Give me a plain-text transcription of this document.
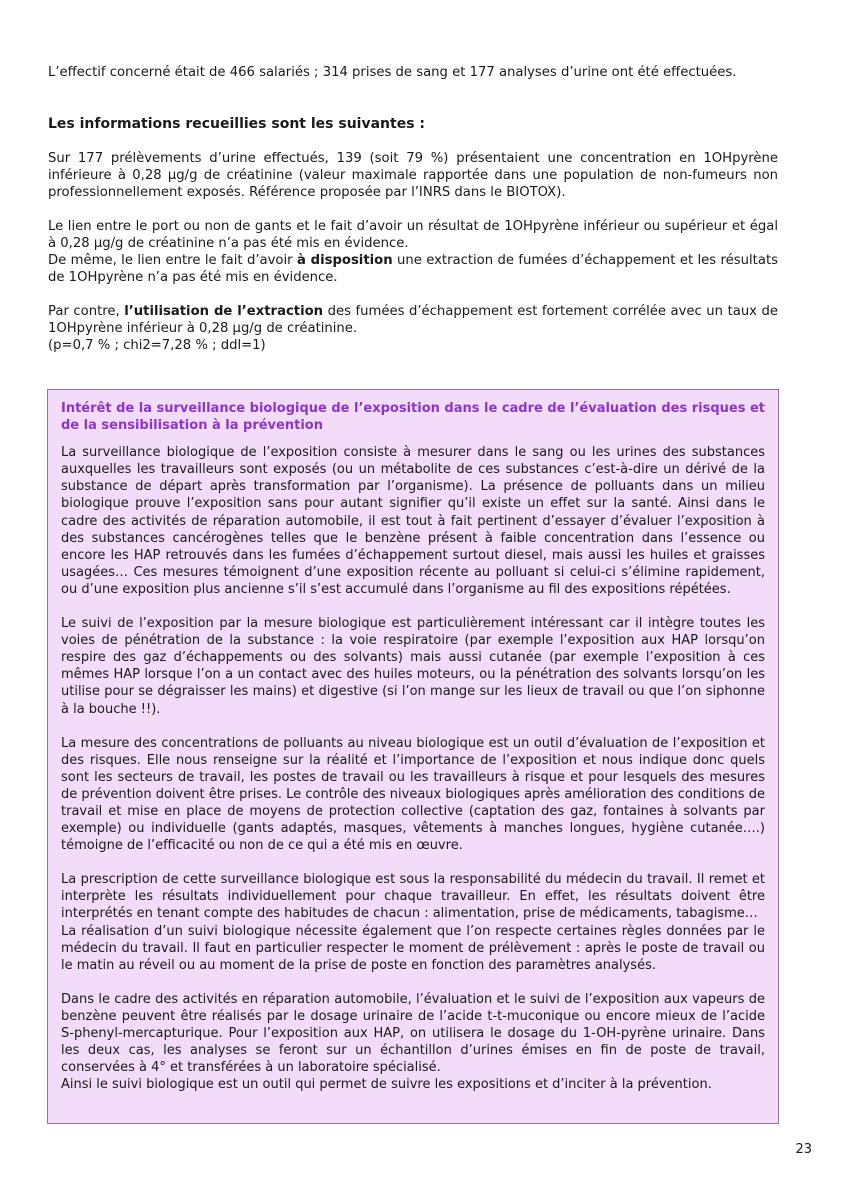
L’effectif concerné était de 466 salariés ; 314 prises de sang et 177 analyses d’urine ont été effectuées.

Les informations recueillies sont les suivantes :

Sur 177 prélèvements d’urine effectués, 139 (soit 79 %) présentaient une concentration en 1OHpyrène inférieure à 0,28 µg/g de créatinine (valeur maximale rapportée dans une population de non-fumeurs non professionnellement exposés. Référence proposée par l’INRS dans le BIOTOX).

Le lien entre le port ou non de gants et le fait d’avoir un résultat de 1OHpyrène inférieur ou supérieur et égal à 0,28 µg/g de créatinine n’a pas été mis en évidence.

De même, le lien entre le fait d’avoir à disposition une extraction de fumées d’échappement et les résultats de 1OHpyrène n’a pas été mis en évidence.

Par contre, l’utilisation de l’extraction des fumées d’échappement est fortement corrélée avec un taux de 1OHpyrène inférieur à 0,28 µg/g de créatinine.
(p=0,7 % ; chi2=7,28 % ; ddl=1)

Intérêt de la surveillance biologique de l’exposition dans le cadre de l’évaluation des risques et de la sensibilisation à la prévention

La surveillance biologique de l’exposition consiste à mesurer dans le sang ou les urines des substances auxquelles les travailleurs sont exposés (ou un métabolite de ces substances c’est-à-dire un dérivé de la substance de départ après transformation par l’organisme). La présence de polluants dans un milieu biologique prouve l’exposition sans pour autant signifier qu’il existe un effet sur la santé. Ainsi dans le cadre des activités de réparation automobile, il est tout à fait pertinent d’essayer d’évaluer l’exposition à des substances cancérogènes telles que le benzène présent à faible concentration dans l’essence ou encore les HAP retrouvés dans les fumées d’échappement surtout diesel, mais aussi les huiles et graisses usagées… Ces mesures témoignent d’une exposition récente au polluant si celui-ci s’élimine rapidement, ou d’une exposition plus ancienne s’il s’est accumulé dans l’organisme au fil des expositions répétées.

Le suivi de l’exposition par la mesure biologique est particulièrement intéressant car il intègre toutes les voies de pénétration de la substance : la voie respiratoire (par exemple l’exposition aux HAP lorsqu’on respire des gaz d’échappements ou des solvants) mais aussi cutanée (par exemple l’exposition à ces mêmes HAP lorsque l’on a un contact avec des huiles moteurs, ou la pénétration des solvants lorsqu’on les utilise pour se dégraisser les mains) et digestive (si l’on mange sur les lieux de travail ou que l’on siphonne à la bouche !!).

La mesure des concentrations de polluants au niveau biologique est un outil d’évaluation de l’exposition et des risques. Elle nous renseigne sur la réalité et l’importance de l’exposition et nous indique donc quels sont les secteurs de travail, les postes de travail ou les travailleurs à risque et pour lesquels des mesures de prévention doivent être prises. Le contrôle des niveaux biologiques après amélioration des conditions de travail et mise en place de moyens de protection collective (captation des gaz, fontaines à solvants par exemple) ou individuelle (gants adaptés, masques, vêtements à manches longues, hygiène cutanée….) témoigne de l’efficacité ou non de ce qui a été mis en œuvre.

La prescription de cette surveillance biologique est sous la responsabilité du médecin du travail. Il remet et interprète les résultats individuellement pour chaque travailleur. En effet, les résultats doivent être interprétés en tenant compte des habitudes de chacun : alimentation, prise de médicaments, tabagisme…
La réalisation d’un suivi biologique nécessite également que l’on respecte certaines règles données par le médecin du travail. Il faut en particulier respecter le moment de prélèvement : après le poste de travail ou le matin au réveil ou au moment de la prise de poste en fonction des paramètres analysés.

Dans le cadre des activités en réparation automobile, l’évaluation et le suivi de l’exposition aux vapeurs de benzène peuvent être réalisés par le dosage urinaire de l’acide t-t-muconique ou encore mieux de l’acide S-phenyl-mercapturique. Pour l’exposition aux HAP, on utilisera le dosage du 1-OH-pyrène urinaire. Dans les deux cas, les analyses se feront sur un échantillon d’urines émises en fin de poste de travail, conservées à 4° et transférées à un laboratoire spécialisé.
Ainsi le suivi biologique est un outil qui permet de suivre les expositions et d’inciter à la prévention.

23
